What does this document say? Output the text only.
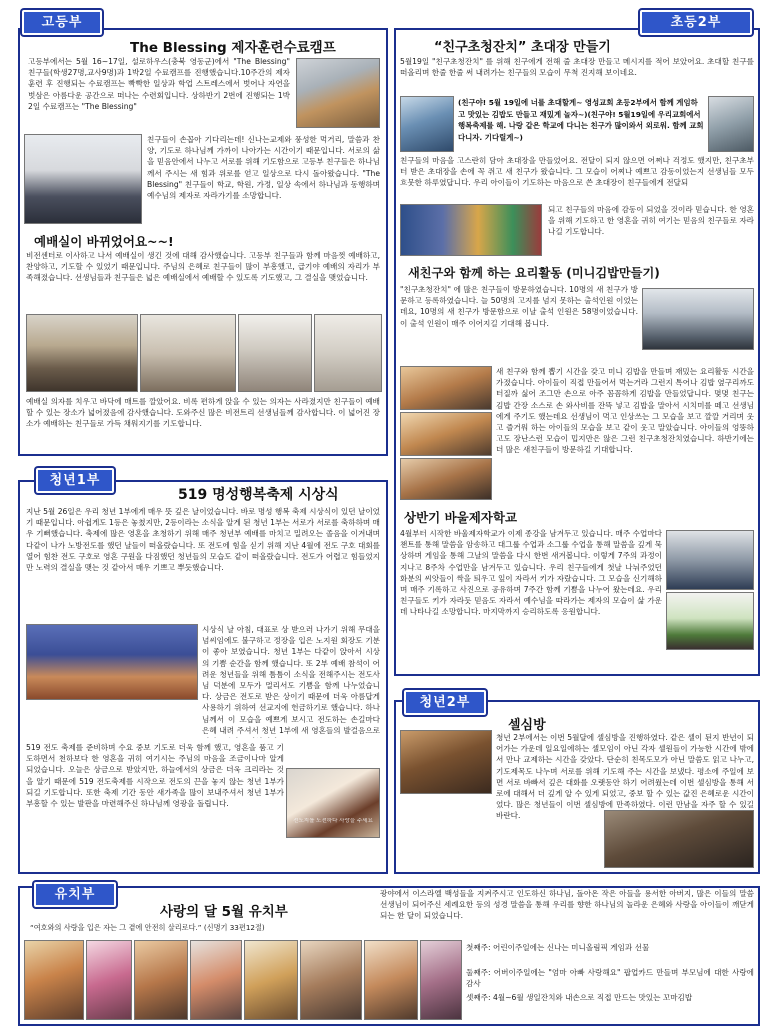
고등부
The Blessing 제자훈련수료캠프
고등부에서는 5월 16~17일, 설로하우스(충북 영동군)에서 "The Blessing" 친구들(학생27명,교사9명)과 1박2일 수료캠프를 진행했습니다.10주간의 제자훈련 후 진행되는 수료캠프는 빡빡한 일상과 학업 스트레스에서 벗어나 자연을 벗삼은 아름다운 공간으로 떠나는 수련회입니다. 상하반기 2번에 진행되는 1박2일 수료캠프는 "The Blessing"
친구들이 손꼽아 기다리는데! 신나는교제와 풍성한 먹거리, 말씀과 찬양, 기도로 하나님께 가까이 나아가는 시간이기 때문입니다. 서로의 삶을 믿음안에서 나누고 서로를 위해 기도함으로 고등부 친구들은 하나님께서 주시는 새 힘과 위로를 얻고 일상으로 다시 돌아왔습니다. "The Blessing" 친구들이 학교, 학원, 가정, 일상 속에서 하나님과 동행하며 예수님의 제자로 자라가기를 소망합니다.
예배실이 바뀌었어요~~!
비전센터로 이사하고 나서 예배실이 생긴 것에 대해 감사했습니다. 고등부 친구들과 함께 마음껏 예배하고, 찬양하고, 기도할 수 있었기 때문입니다. 주님의 은혜로 친구들이 많이 부흥했고, 급기야 예배의 자리가 부족해졌습니다. 선생님들과 친구들은 넓은 예배실에서 예배할 수 있도록 기도했고, 그 결실을 맺었습니다.
예배실 의자를 치우고 바닥에 매트를 깔았어요. 비록 편하게 앉을 수 있는 의자는 사라졌지만 친구들이 예배할 수 있는 장소가 넓어졌음에 감사했습니다. 도와주신 많은 비전트리 선생님들께 감사합니다. 이 넓어진 장소가 예배하는 친구들로 가득 채워지기를 기도합니다.
청년1부
519 명성행복축제 시상식
지난 5월 26일은 우리 청년 1부에게 매우 뜻 깊은 날이었습니다. 바로 명성 행복 축제 시상식이 있던 날이었기 때문입니다. 아쉽게도 1등은 놓쳤지만, 2등이라는 소식을 알게 된 청년 1부는 서로가 서로를 축하하며 매우 기뻐했습니다. 축제에 많은 영혼을 초청하기 위해 매주 청년부 예배를 마치고 밀려오는 졸음을 이겨내며 다같이 나가 노방전도를 했던 날들이 떠올랐습니다. 또 전도에 힘을 싣기 위해 지난 4월에 전도 구호 대회를 열어 힘찬 전도 구호로 영혼 구원을 다짐했던 청년들의 모습도 같이 떠올랐습니다. 전도가 어렵고 힘들었지만 노력의 결실을 맺는 것 같아서 매우 기쁘고 뿌듯했습니다.
시상식 날 아침, 대표로 상 받으러 나가기 위해 무대을 넘씨임에도 불구하고 정장을 입은 노지원 회장도 기분이 좋아 보였습니다. 청년 1부는 다같이 앉아서 시상의 기쁨 순간을 함께 했습니다. 또 2부 예배 참석이 어려운 청년들을 위해 틈틈이 소식을 전해주시는 전도사님 덕분에 모두가 멀리서도 기쁨을 함께 나누었습니다. 상금은 전도로 받은 상이기 때문에 더욱 아름답게 사용하기 위하여 선교지에 헌금하기로 했습니다. 하나님께서 이 모습을 예쁘게 보시고 전도하는 손길마다 은혜 내려 주셔서 청년 1부에 새 영혼들의 발걸음으로
519 전도 축제를 준비하며 수요 중보 기도로 더욱 함께 했고, 영혼을 품고 기도하면서 천하보다 한 영혼을 귀히 여기시는 주님의 마음을 조금이나마 알게 되었습니다. 오늘은 상금으로 받았지만, 하늘에서의 상금은 더욱 크리라는 것을 알기 때문에 519 전도축제를 시작으로 전도의 끈을 놓지 않는 청년 1부가되길 기도합니다. 또한 축제 기간 동안 새가족을 많이 보내주셔서 청년 1부가 부흥할 수 있는 발판을 마련해주신 하나님께 영광을 돌립니다.
전도지를 도전하다 사랑을 주세요
초등2부
“친구초청잔치” 초대장 만들기
5월19일 "친구초청잔치" 를 위해 친구에게 전해 줄 초대장 만들고 메시지를 적어 보았어요. 초대할 친구를 떠올리며 한줄 한줄 써 내려가는 친구들의 모습이 무척 진지해 보이네요.
(친구야! 5월 19일에 너를 초대할게~ 영성교회 초등2부에서 함께 게임하고 맛있는 김밥도 만들고 재밌게 놀자~)(친구야! 5월19일에 우리교회에서 행복축제를 해. 나랑 같은 학교에 다니는 친구가 많이와서 외로워. 함께 교회 다니자. 기다릴게~)
친구들의 마음을 고스란히 담아 초대장을 만들었어요. 전달이 되지 않으면 어쩌나 걱정도 했지만, 친구초부터 받은 초대장을 손에 꼭 쥐고 새 친구가 왔습니다. 그 모습이 어찌나 예쁘고 감동이었는지 선생님들 모두 흐뭇한 하루였답니다. 우리 아이들이 기도하는 마음으로 쓴 초대장이 친구들에게 전달되
되고 친구들의 마음에 감동이 되었을 것이라 믿습니다. 한 영혼을 위해 기도하고 한 영혼을 귀히 여기는 믿음의 친구들로 자라나길 기도합니다.
새친구와 함께 하는 요리활동 (미니김밥만들기)
"친구초청잔치" 에 많은 친구들이 방문하였습니다. 10명의 새 친구가 방문하고 등록하였습니다. 늘 50명의 고지를 넘지 못하는 출석인원 이었는데요, 10명의 새 친구가 방문함으로 이날 출석 인원은 58명이었습니다. 이 출석 인원이 매주 이어지길 기대해 봅니다.
새 친구와 함께 뽑기 시간을 갖고 미니 김밥을 만들며 재밌는 요리활동 시간을 가졌습니다. 아이들이 직접 만들어서 먹는거라 그런지 톡어나 김밥 옆구리까도 터질까 싫어 조그만 손으로 아주 꼼꼼하게 김밥을 만들었답니다. 몇몇 친구는 김밥 간장 소스로 손 와사비를 잔뜩 넣고 김밥을 말아서 시치미를 떼고 선생님에게 주기도 했는데요 선생님이 먹고 인상쓰는 그 모습을 보고 깔깔 거리며 웃고 즐거워 하는 아이들의 모습을 보고 같이 웃고 말았습니다. 아이들의 엉뚱하고도 장난스런 모습이 밉지만은 않은 그런 친구초청잔치였습니다. 하반기에는 더 많은 새친구들이 방문하길 기대합니다.
상반기 바울제자학교
4월부터 시작한 바울제자학교가 이제 종강을 남겨두고 있습니다. 매주 수업마다 챈트를 통해 말씀을 암송하고 대그룹 수업과 소그룹 수업을 통해 말씀을 깊게 묵상하며 게임을 통해 그날의 말씀을 다시 한번 새겨봅니다. 이렇게 7주의 과정이 지나고 8주차 수업만을 남겨두고 있습니다. 우리 친구들에게 첫날 나눠주었던 화분의 씨앗들이 싹을 틔우고 잎이 자라서 키가 자랐습니다. 그 모습을 신기해하며 매주 기록하고 사진으로 공유하며 7주간 함께 기쁨을 나누어 왔는데요. 우리 친구들도 키가 자라듯 믿음도 자라서 예수님을 따라가는 제자의 모습이 삶 가운데 나타나길 소망합니다. 마지막까지 승리하도록 응원합니다.
청년2부
셀심방
청년 2부에서는 이번 5월달에 셀심방을 진행하였다. 같은 셀이 된지 반년이 되어가는 가운데 일요일에하는 셀모임이 아닌 각자 셀원들이 가능한 시간에 밖에서 만나 교제하는 시간을 갖았다. 단순히 친목도모가 아닌 말씀도 읽고 나누고, 기도제목도 나누며 서로를 위해 기도해 주는 시간을 보냈다. 평소에 주일에 보면 서로 바빠서 깊은 대화를 오랫동안 하기 어려웠는데 이번 셀심방을 통해 서로에 대해서 더 깊게 알 수 있게 되었고, 중보 할 수 있는 값진 은혜로운 시간이었다. 많은 청년들이 이번 셀심방에 만족하였다. 이런 만남을 자주 할 수 있길 바란다.
유치부
사랑의 달 5월 유치부
“여호와의 사랑을 입은 자는 그 곁에 안전히 살리로다.” (신명기 33편12절)
광야에서 이스라엘 백성들을 지켜주시고 인도하신 하나님, 돌아온 작은 아들을 용서한 아버지, 많은 이들의 말씀 선생님이 되어주신 세례요한 등의 성경 말씀을 통해 우리를 향한 하나님의 놀라운 은혜와 사랑을 아이들이 깨닫게 되는 한 달이 되었습니다.
첫째주: 어린이주일에는 신나는 미니올림픽 게임과 선물
둘째주: 어버이주일에는 "엄마 아빠 사랑해요" 팝업카드 만들며 부모님에 대한 사랑에 감사
셋째주: 4월~6월 생일잔치와 내손으로 직접 만드는 맛있는 꼬마김밥
